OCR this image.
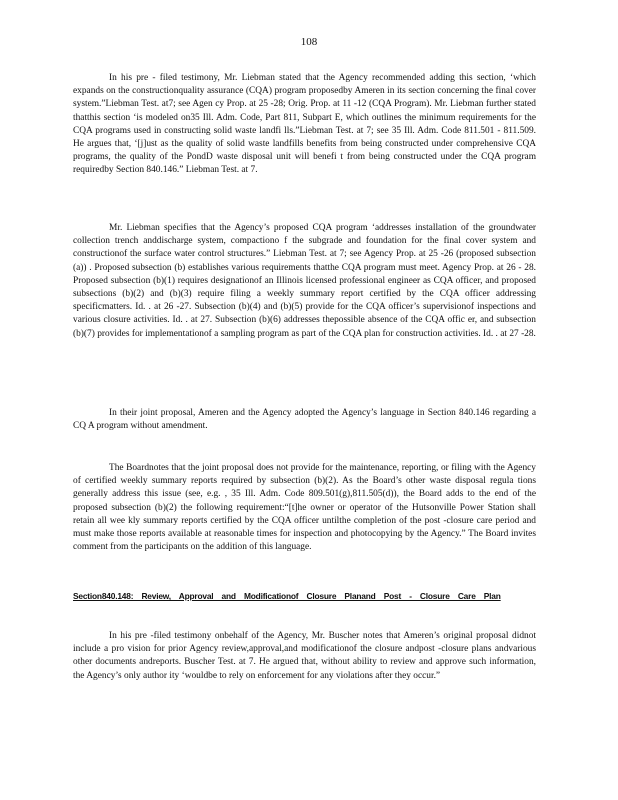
108

In his pre - filed testimony, Mr. Liebman stated that the Agency recommended adding this section, ‘which expands on the constructionquality assurance (CQA) program proposedby Ameren in its section concerning the final cover system.”Liebman Test. at7; see Agen cy Prop. at 25 -28; Orig. Prop. at 11 -12 (CQA Program). Mr. Liebman further stated thatthis section ‘is modeled on35 Ill. Adm. Code, Part 811, Subpart E, which outlines the minimum requirements for the CQA programs used in constructing solid waste landfi lls.”Liebman Test. at 7; see 35 Ill. Adm. Code 811.501 - 811.509. He argues that, ‘[j]ust as the quality of solid waste landfills benefits from being constructed under comprehensive CQA programs, the quality of the PondD waste disposal unit will benefi t from being constructed under the CQA program requiredby Section 840.146.” Liebman Test. at 7.

Mr. Liebman specifies that the Agency’s proposed CQA program ‘addresses installation of the groundwater collection trench anddischarge system, compactiono f the subgrade and foundation for the final cover system and constructionof the surface water control structures.” Liebman Test. at 7; see Agency Prop. at 25 -26 (proposed subsection (a)) . Proposed subsection (b) establishes various requirements thatthe CQA program must meet. Agency Prop. at 26 - 28. Proposed subsection (b)(1) requires designationof an Illinois licensed professional engineer as CQA officer, and proposed subsections (b)(2) and (b)(3) require filing a weekly summary report certified by the CQA officer addressing specificmatters. Id. . at 26 -27. Subsection (b)(4) and (b)(5) provide for the CQA officer’s supervisionof inspections and various closure activities. Id. . at 27. Subsection (b)(6) addresses thepossible absence of the CQA offic er, and subsection (b)(7) provides for implementationof a sampling program as part of the CQA plan for construction activities. Id. . at 27 -28.

In their joint proposal, Ameren and the Agency adopted the Agency’s language in Section 840.146 regarding a CQ A program without amendment.

The Boardnotes that the joint proposal does not provide for the maintenance, reporting, or filing with the Agency of certified weekly summary reports required by subsection (b)(2). As the Board’s other waste disposal regula tions generally address this issue (see, e.g. , 35 Ill. Adm. Code 809.501(g),811.505(d)), the Board adds to the end of the proposed subsection (b)(2) the following requirement:“[t]he owner or operator of the Hutsonville Power Station shall retain all wee kly summary reports certified by the CQA officer untilthe completion of the post -closure care period and must make those reports available at reasonable times for inspection and photocopying by the Agency.” The Board invites comment from the participants on the addition of this language.

Section840.148: Review, Approval and Modificationof Closure Planand Post - Closure Care Plan

In his pre -filed testimony onbehalf of the Agency, Mr. Buscher notes that Ameren’s original proposal didnot include a pro vision for prior Agency review,approval,and modificationof the closure andpost -closure plans andvarious other documents andreports. Buscher Test. at 7. He argued that, without ability to review and approve such information, the Agency’s only author ity ‘wouldbe to rely on enforcement for any violations after they occur.”
